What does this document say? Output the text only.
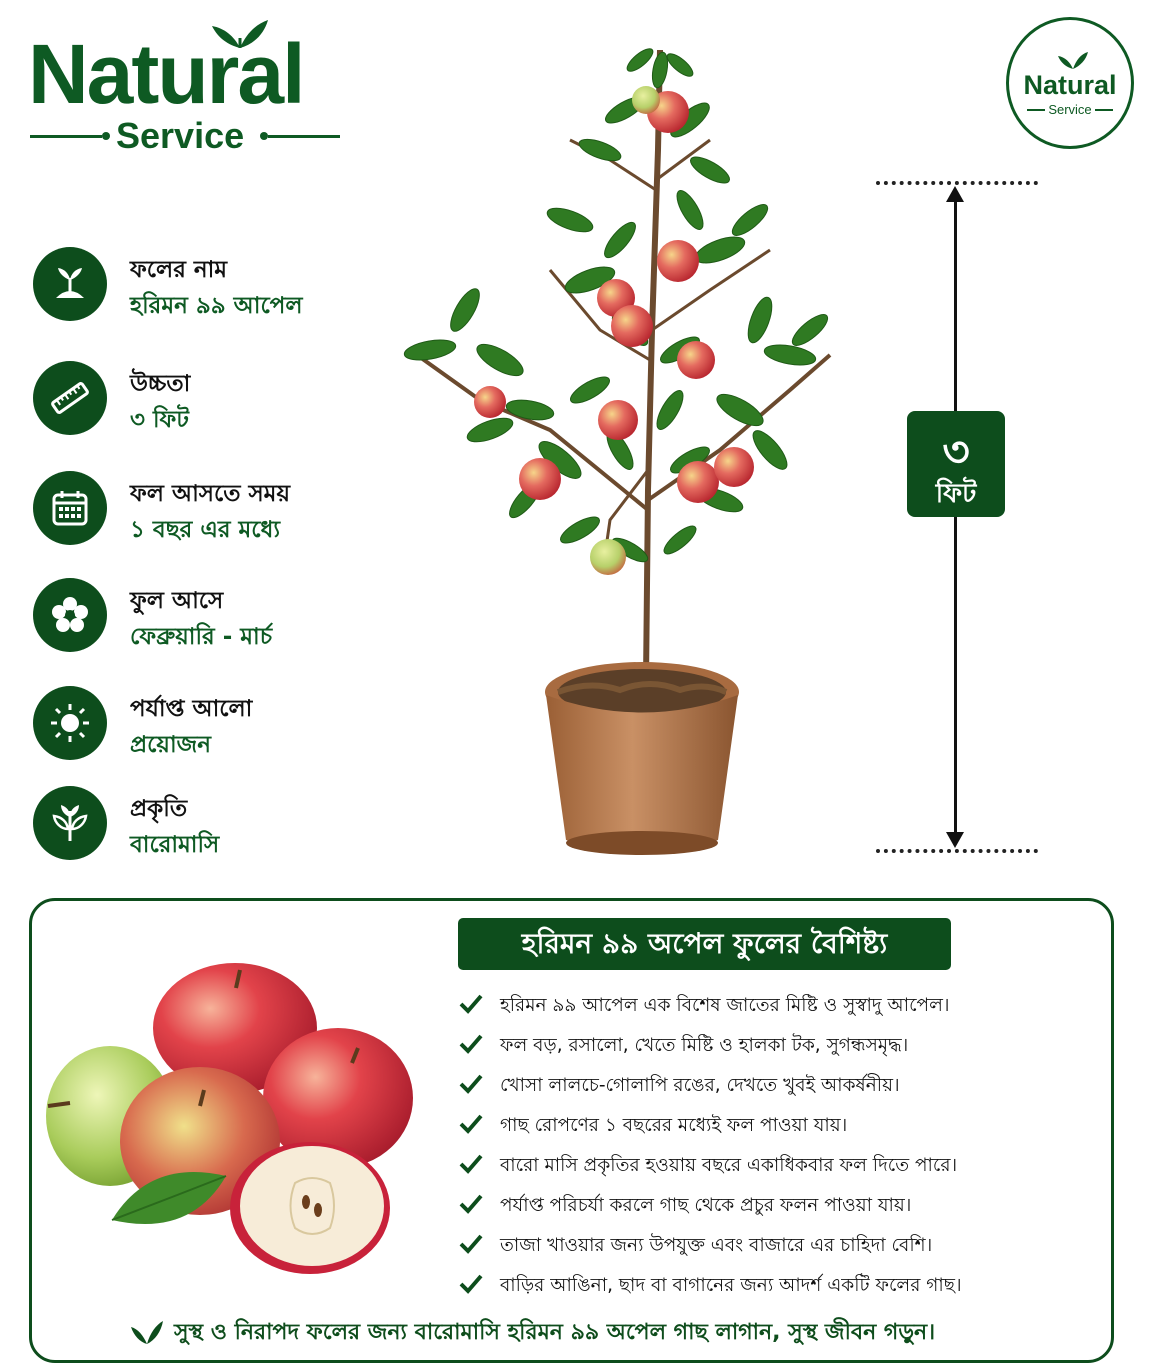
Natural
Service
Natural
Service
ফলের নাম
হরিমন ৯৯ আপেল
উচ্চতা
৩ ফিট
ফল আসতে সময়
১ বছর এর মধ্যে
ফুল আসে
ফেব্রুয়ারি - মার্চ
পর্যাপ্ত আলো
প্রয়োজন
প্রকৃতি
বারোমাসি
৩
ফিট
হরিমন ৯৯ অপেল ফুলের বৈশিষ্ট্য
হরিমন ৯৯ আপেল এক বিশেষ জাতের মিষ্টি ও সুস্বাদু আপেল।
ফল বড়, রসালো, খেতে মিষ্টি ও হালকা টক, সুগন্ধসমৃদ্ধ।
খোসা লালচে-গোলাপি রঙের, দেখতে খুবই আকর্ষনীয়।
গাছ রোপণের ১ বছরের মধ্যেই ফল পাওয়া যায়।
বারো মাসি প্রকৃতির হওয়ায় বছরে একাধিকবার ফল দিতে পারে।
পর্যাপ্ত পরিচর্যা করলে গাছ থেকে প্রচুর ফলন পাওয়া যায়।
তাজা খাওয়ার জন্য উপযুক্ত এবং বাজারে এর চাহিদা বেশি।
বাড়ির আঙিনা, ছাদ বা বাগানের জন্য আদর্শ একটি ফলের গাছ।
সুস্থ ও নিরাপদ ফলের জন্য বারোমাসি হরিমন ৯৯ অপেল গাছ লাগান, সুস্থ জীবন গড়ুন।
